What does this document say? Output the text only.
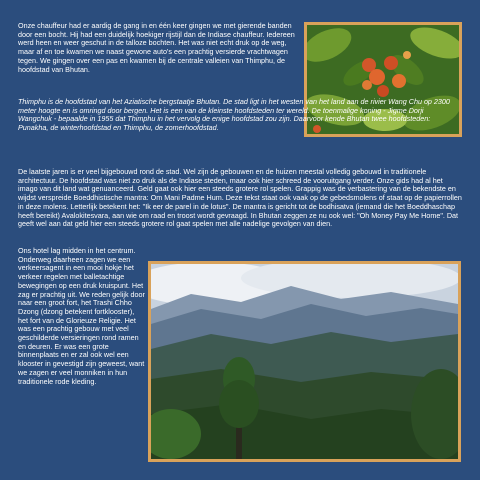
Onze chauffeur had er aardig de gang in en één keer gingen we met gierende banden door een bocht. Hij had een duidelijk hoekiger rijstijl dan de Indiase chauffeur. Iedereen werd heen en weer geschut in de talloze bochten. Het was niet echt druk op de weg, maar af en toe kwamen we naast gewone auto's een prachtig versierde vrachtwagen tegen. We gingen over een pas en kwamen bij de centrale valleien van Thimphu, de hoofdstad van Bhutan.

Thimphu is de hoofdstad van het Aziatische bergstaatje Bhutan. De stad ligt in het westen van het land aan de rivier Wang Chu op 2300 meter hoogte en is omringd door bergen. Het is een van de kleinste hoofdsteden ter wereld. De toenmalige koning - Jigme Dorji Wangchuk - bepaalde in 1955 dat Thimphu in het vervolg de enige hoofdstad zou zijn. Daarvoor kende Bhutan twee hoofdsteden: Punakha, de winterhoofdstad en Thimphu, de zomerhoofdstad.

De laatste jaren is er veel bijgebouwd rond de stad. Wel zijn de gebouwen en de huizen meestal volledig gebouwd in traditionele architectuur. De hoofdstad was niet zo druk als de Indiase steden, maar ook hier schreed de vooruitgang verder. Onze gids had al het imago van dit land wat genuanceerd. Geld gaat ook hier een steeds grotere rol spelen. Grappig was de verbastering van de bekendste en wijdst verspreide Boeddhistische mantra: Om Mani Padme Hum. Deze tekst staat ook vaak op de gebedsmolens of staat op de papierrollen in deze molens. Letterlijk betekent het: "Ik eer de parel in de lotus". De mantra is gericht tot de bodhisatva (iemand die het Boeddhaschap heeft bereikt) Avalokitesvara, aan wie om raad en troost wordt gevraagd. In Bhutan zeggen ze nu ook wel: "Oh Money Pay Me Home". Dat geeft wel aan dat geld hier een steeds grotere rol gaat spelen met alle nadelige gevolgen van dien.

Ons hotel lag midden in het centrum. Onderweg daarheen zagen we een verkeersagent in een mooi hokje het verkeer regelen met balletachtige bewegingen op een druk kruispunt. Het zag er prachtig uit. We reden gelijk door naar een groot fort, het Trashi Chho Dzong (dzong betekent fortklooster), het fort van de Glorieuze Religie. Het was een prachtig gebouw met veel geschilderde versieringen rond ramen en deuren. Er was een grote binnenplaats en er zal ook wel een klooster in gevestigd zijn geweest, want we zagen er veel monniken in hun traditionele rode kleding.
